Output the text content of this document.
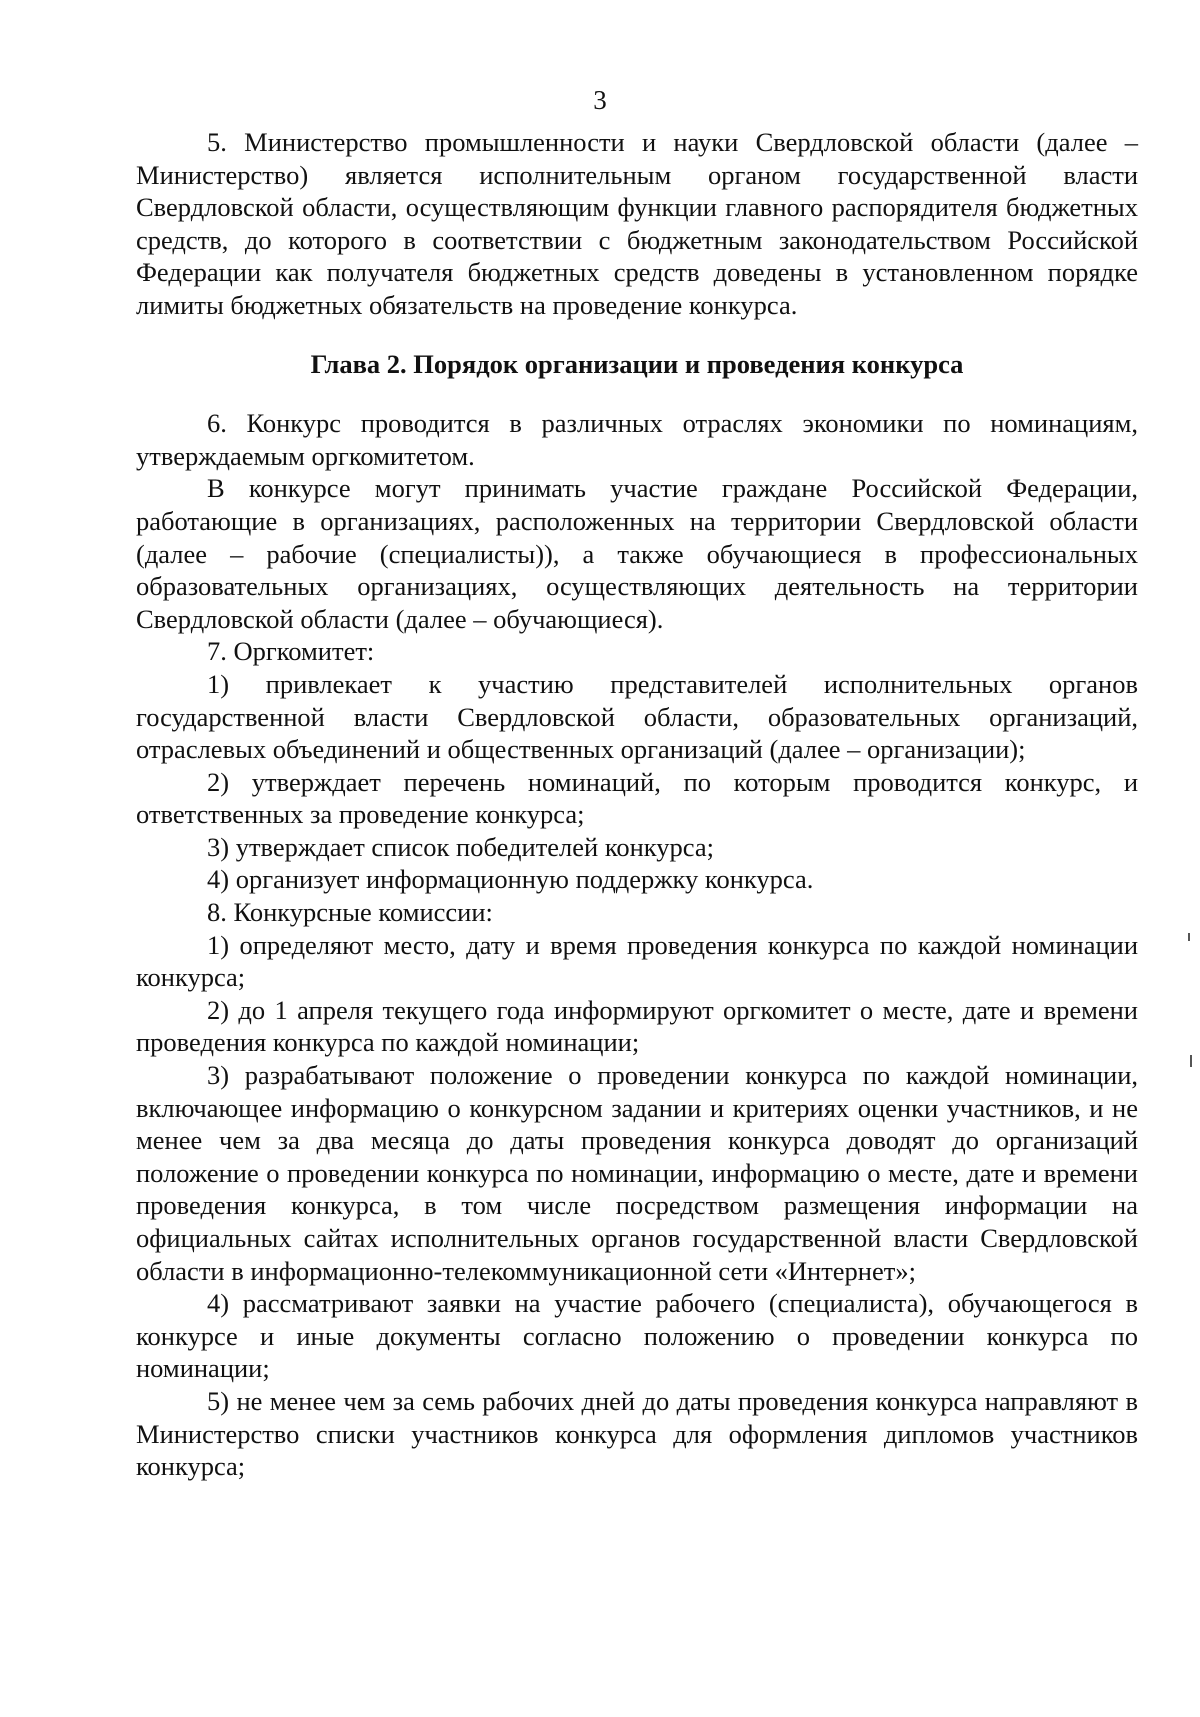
3

5. Министерство промышленности и науки Свердловской области (далее – Министерство) является исполнительным органом государственной власти Свердловской области, осуществляющим функции главного распорядителя бюджетных средств, до которого в соответствии с бюджетным законодательством Российской Федерации как получателя бюджетных средств доведены в установленном порядке лимиты бюджетных обязательств на проведение конкурса.

Глава 2. Порядок организации и проведения конкурса

6. Конкурс проводится в различных отраслях экономики по номинациям, утверждаемым оргкомитетом.

В конкурсе могут принимать участие граждане Российской Федерации, работающие в организациях, расположенных на территории Свердловской области (далее – рабочие (специалисты)), а также обучающиеся в профессиональных образовательных организациях, осуществляющих деятельность на территории Свердловской области (далее – обучающиеся).

7. Оргкомитет:

1) привлекает к участию представителей исполнительных органов государственной власти Свердловской области, образовательных организаций, отраслевых объединений и общественных организаций (далее – организации);

2) утверждает перечень номинаций, по которым проводится конкурс, и ответственных за проведение конкурса;

3) утверждает список победителей конкурса;

4) организует информационную поддержку конкурса.

8. Конкурсные комиссии:

1) определяют место, дату и время проведения конкурса по каждой номинации конкурса;

2) до 1 апреля текущего года информируют оргкомитет о месте, дате и времени проведения конкурса по каждой номинации;

3) разрабатывают положение о проведении конкурса по каждой номинации, включающее информацию о конкурсном задании и критериях оценки участников, и не менее чем за два месяца до даты проведения конкурса доводят до организаций положение о проведении конкурса по номинации, информацию о месте, дате и времени проведения конкурса, в том числе посредством размещения информации на официальных сайтах исполнительных органов государственной власти Свердловской области в информационно-телекоммуникационной сети «Интернет»;

4) рассматривают заявки на участие рабочего (специалиста), обучающегося в конкурсе и иные документы согласно положению о проведении конкурса по номинации;

5) не менее чем за семь рабочих дней до даты проведения конкурса направляют в Министерство списки участников конкурса для оформления дипломов участников конкурса;
